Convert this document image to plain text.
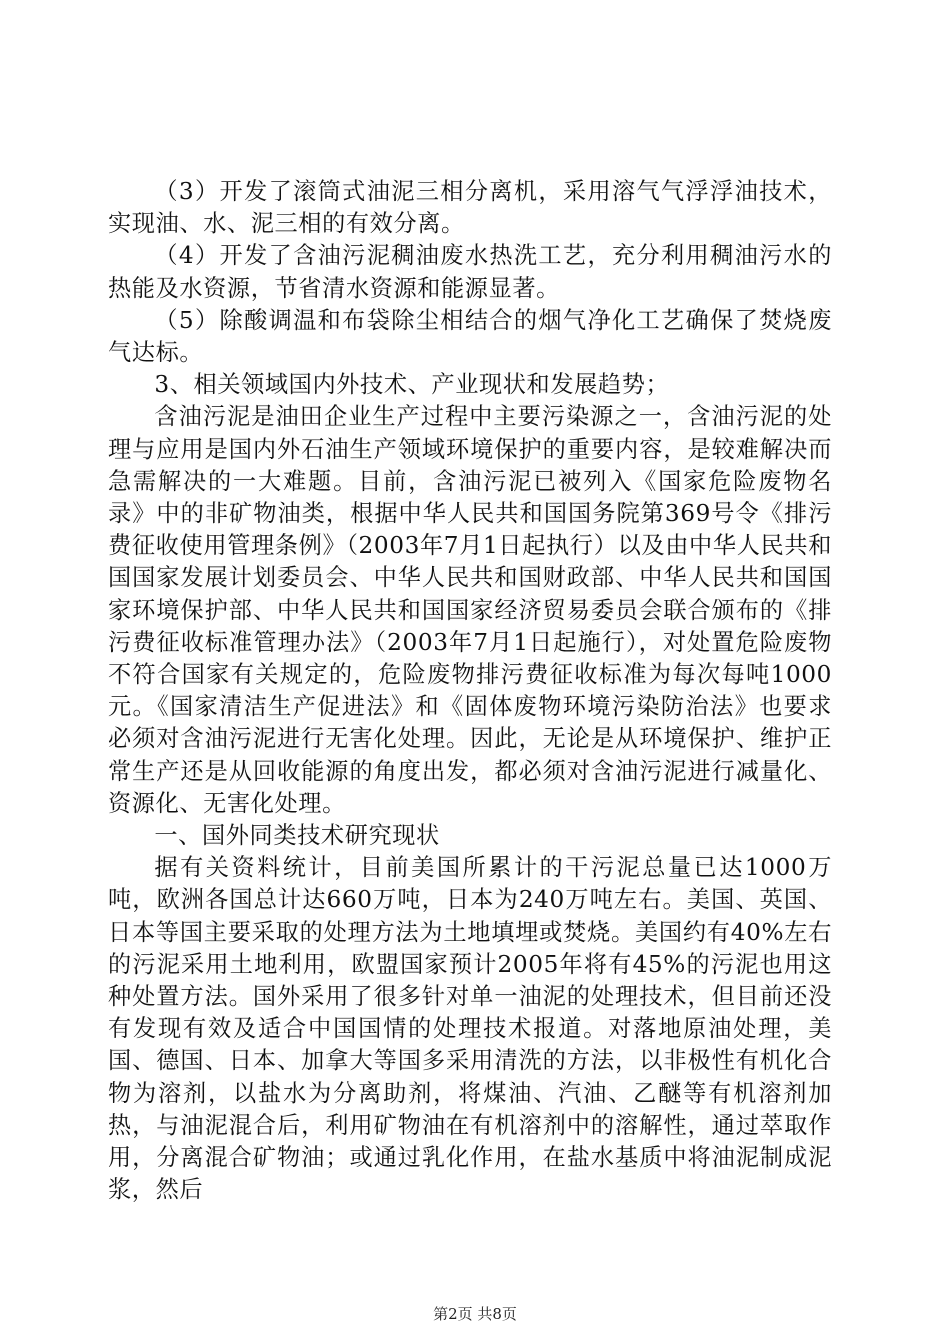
（3）开发了滚筒式油泥三相分离机，采用溶气气浮浮油技术，实现油、水、泥三相的有效分离。

（4）开发了含油污泥稠油废水热洗工艺，充分利用稠油污水的热能及水资源，节省清水资源和能源显著。

（5）除酸调温和布袋除尘相结合的烟气净化工艺确保了焚烧废气达标。

3、相关领域国内外技术、产业现状和发展趋势；

含油污泥是油田企业生产过程中主要污染源之一，含油污泥的处理与应用是国内外石油生产领域环境保护的重要内容，是较难解决而急需解决的一大难题。目前，含油污泥已被列入《国家危险废物名录》中的非矿物油类，根据中华人民共和国国务院第369号令《排污费征收使用管理条例》（2003年7月1日起执行）以及由中华人民共和国国家发展计划委员会、中华人民共和国财政部、中华人民共和国国家环境保护部、中华人民共和国国家经济贸易委员会联合颁布的《排污费征收标准管理办法》（2003年7月1日起施行），对处置危险废物不符合国家有关规定的，危险废物排污费征收标准为每次每吨1000元。《国家清洁生产促进法》和《固体废物环境污染防治法》也要求必须对含油污泥进行无害化处理。因此，无论是从环境保护、维护正常生产还是从回收能源的角度出发，都必须对含油污泥进行减量化、资源化、无害化处理。

一、国外同类技术研究现状

据有关资料统计，目前美国所累计的干污泥总量已达1000万吨，欧洲各国总计达660万吨，日本为240万吨左右。美国、英国、日本等国主要采取的处理方法为土地填埋或焚烧。美国约有40%左右的污泥采用土地利用，欧盟国家预计2005年将有45%的污泥也用这种处置方法。国外采用了很多针对单一油泥的处理技术，但目前还没有发现有效及适合中国国情的处理技术报道。对落地原油处理，美国、德国、日本、加拿大等国多采用清洗的方法，以非极性有机化合物为溶剂，以盐水为分离助剂，将煤油、汽油、乙醚等有机溶剂加热，与油泥混合后，利用矿物油在有机溶剂中的溶解性，通过萃取作用，分离混合矿物油；或通过乳化作用，在盐水基质中将油泥制成泥浆，然后

第2页 共8页
